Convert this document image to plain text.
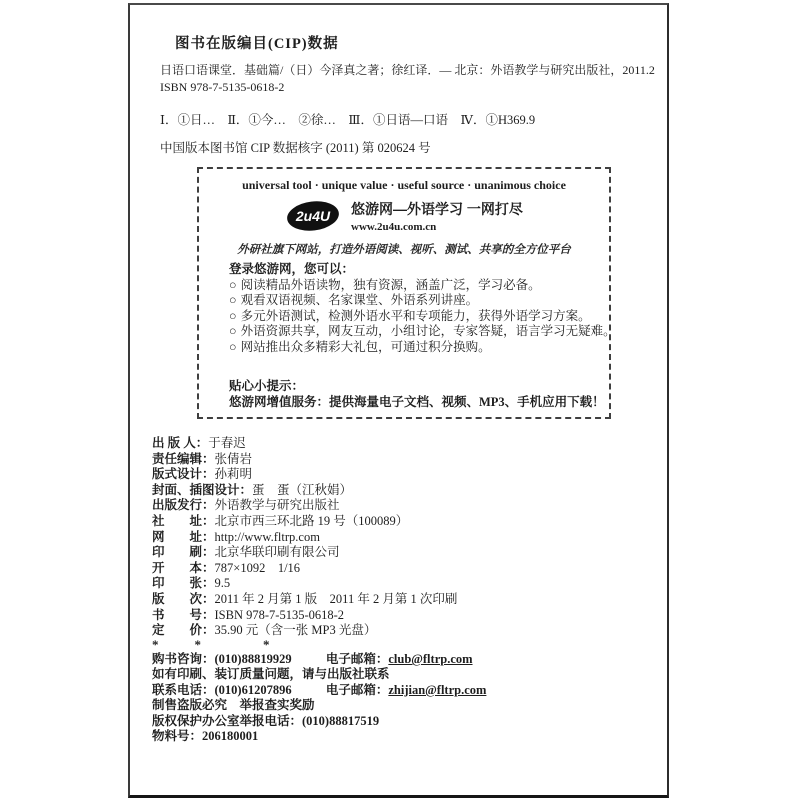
图书在版编目(CIP)数据
日语口语课堂．基础篇/（日）今泽真之著；徐红译．— 北京：外语教学与研究出版社，2011.2
ISBN 978-7-5135-0618-2
Ⅰ．①日…　Ⅱ．①今…　②徐…　Ⅲ．①日语—口语　Ⅳ．①H369.9
中国版本图书馆 CIP 数据核字 (2011) 第 020624 号
universal tool · unique value · useful source · unanimous choice
2u4U 悠游网—外语学习 一网打尽
www.2u4u.com.cn
外研社旗下网站，打造外语阅读、视听、测试、共享的全方位平台
登录悠游网，您可以：
○ 阅读精品外语读物，独有资源，涵盖广泛，学习必备。
○ 观看双语视频、名家课堂、外语系列讲座。
○ 多元外语测试，检测外语水平和专项能力，获得外语学习方案。
○ 外语资源共享，网友互动，小组讨论，专家答疑，语言学习无疑难。
○ 网站推出众多精彩大礼包，可通过积分换购。
贴心小提示：
悠游网增值服务：提供海量电子文档、视频、MP3、手机应用下载！
出 版 人：于春迟
责任编辑：张倩岩
版式设计：孙莉明
封面、插图设计：蛋　蛋（江秋娟）
出版发行：外语教学与研究出版社
社　　址：北京市西三环北路 19 号（100089）
网　　址：http://www.fltrp.com
印　　刷：北京华联印刷有限公司
开　　本：787×1092　1/16
印　　张：9.5
版　　次：2011 年 2 月第 1 版　2011 年 2 月第 1 次印刷
书　　号：ISBN 978-7-5135-0618-2
定　　价：35.90 元（含一张 MP3 光盘）
*	*	*
购书咨询：(010)88819929	电子邮箱：club@fltrp.com
如有印刷、装订质量问题，请与出版社联系
联系电话：(010)61207896	电子邮箱：zhijian@fltrp.com
制售盗版必究　举报查实奖励
版权保护办公室举报电话：(010)88817519
物料号：206180001
